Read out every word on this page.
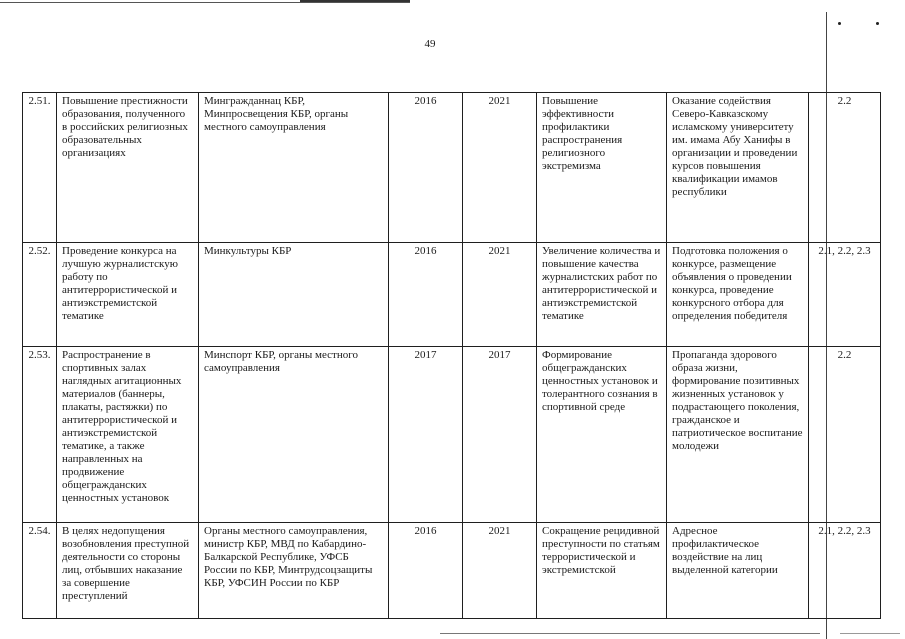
49
2.51.	Повышение престижности образования, полученного в российских религиозных образовательных организациях	Мингражданнац КБР, Минпросвещения КБР, органы местного самоуправления	2016	2021	Повышение эффективности профилактики распространения религиозного экстремизма	Оказание содействия Северо-Кавказскому исламскому университету им. имама Абу Ханифы в организации и проведении курсов повышения квалификации имамов республики	2.2
2.52.	Проведение конкурса на лучшую журналистскую работу по антитеррористической и антиэкстремистской тематике	Минкультуры КБР	2016	2021	Увеличение количества и повышение качества журналистских работ по антитеррористической и антиэкстремистской тематике	Подготовка положения о конкурсе, размещение объявления о проведении конкурса, проведение конкурсного отбора для определения победителя	2.1, 2.2, 2.3
2.53.	Распространение в спортивных залах наглядных агитационных материалов (баннеры, плакаты, растяжки) по антитеррористической и антиэкстремистской тематике, а также направленных на продвижение общегражданских ценностных установок	Минспорт КБР, органы местного самоуправления	2017	2017	Формирование общегражданских ценностных установок и толерантного сознания в спортивной среде	Пропаганда здорового образа жизни, формирование позитивных жизненных установок у подрастающего поколения, гражданское и патриотическое воспитание молодежи	2.2
2.54.	В целях недопущения возобновления преступной деятельности со стороны лиц, отбывших наказание за совершение преступлений	Органы местного самоуправления, министр КБР, МВД по Кабардино-Балкарской Республике, УФСБ России по КБР, Минтрудсоцзащиты КБР, УФСИН России по КБР	2016	2021	Сокращение рецидивной преступности по статьям террористической и экстремистской	Адресное профилактическое воздействие на лиц выделенной категории	2.1, 2.2, 2.3
